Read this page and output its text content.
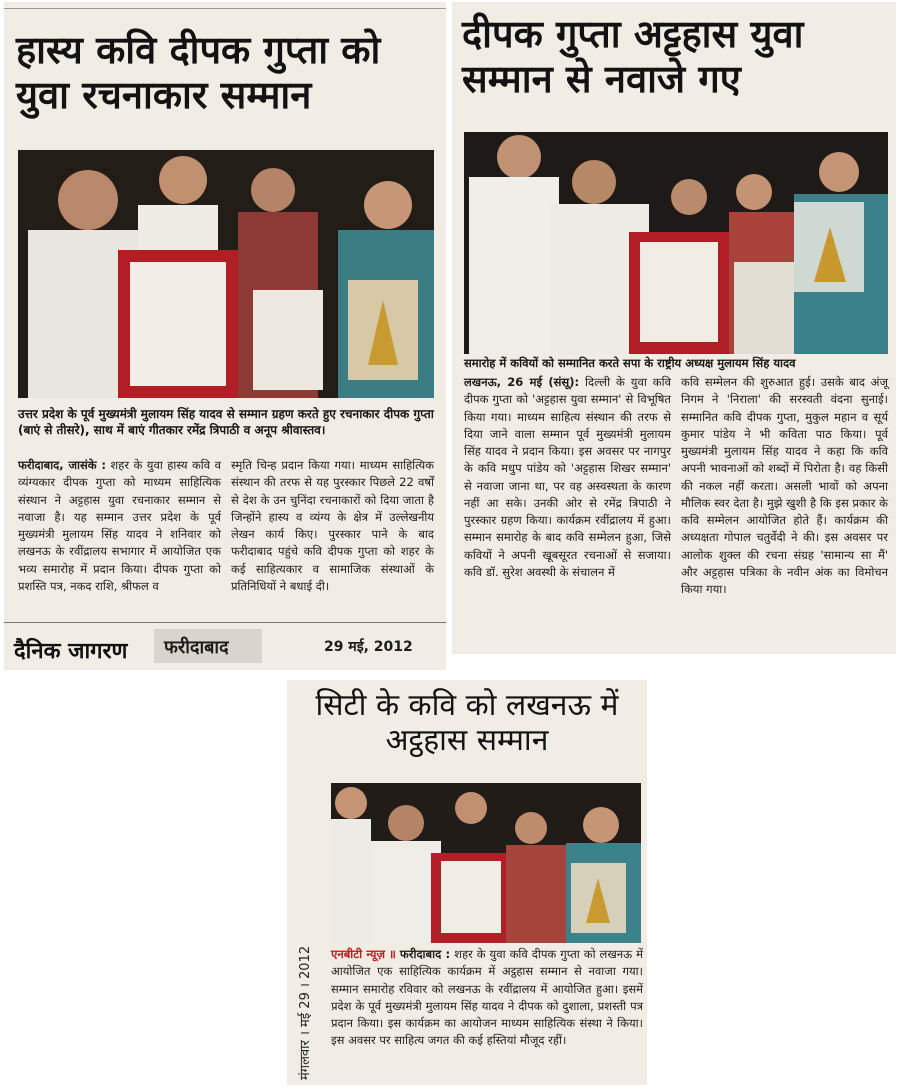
हास्य कवि दीपक गुप्ता को युवा रचनाकार सम्मान
उत्तर प्रदेश के पूर्व मुख्यमंत्री मुलायम सिंह यादव से सम्मान ग्रहण करते हुए रचनाकार दीपक गुप्ता (बाएं से तीसरे), साथ में बाएं गीतकार रमेंद्र त्रिपाठी व अनूप श्रीवास्तव।
फरीदाबाद, जासंके : शहर के युवा हास्य कवि व व्यंग्यकार दीपक गुप्ता को माध्यम साहित्यिक संस्थान ने अट्टहास युवा रचनाकार सम्मान से नवाजा है। यह सम्मान उत्तर प्रदेश के पूर्व मुख्यमंत्री मुलायम सिंह यादव ने शनिवार को लखनऊ के रवींद्रालय सभागार में आयोजित एक भव्य समारोह में प्रदान किया। दीपक गुप्ता को प्रशस्ति पत्र, नकद राशि, श्रीफल व
स्मृति चिन्ह प्रदान किया गया। माध्यम साहित्यिक संस्थान की तरफ से यह पुरस्कार पिछले 22 वर्षों से देश के उन चुनिंदा रचनाकारों को दिया जाता है जिन्होंने हास्य व व्यंग्य के क्षेत्र में उल्लेखनीय लेखन कार्य किए। पुरस्कार पाने के बाद फरीदाबाद पहुंचे कवि दीपक गुप्ता को शहर के कई साहित्यकार व सामाजिक संस्थाओं के प्रतिनिधियों ने बधाई दी।
दैनिक जागरण फरीदाबाद	29 मई, 2012
दीपक गुप्ता अट्टहास युवा सम्मान से नवाजे गए
समारोह में कवियों को सम्मानित करते सपा के राष्ट्रीय अध्यक्ष मुलायम सिंह यादव
लखनऊ, 26 मई (संसू): दिल्ली के युवा कवि दीपक गुप्ता को 'अट्टहास युवा सम्मान' से विभूषित किया गया। माध्यम साहित्य संस्थान की तरफ से दिया जाने वाला सम्मान पूर्व मुख्यमंत्री मुलायम सिंह यादव ने प्रदान किया। इस अवसर पर नागपुर के कवि मधुप पांडेय को 'अट्टहास शिखर सम्मान' से नवाजा जाना था, पर वह अस्वस्थता के कारण नहीं आ सके। उनकी ओर से रमेंद्र त्रिपाठी ने पुरस्कार ग्रहण किया। कार्यक्रम रवींद्रालय में हुआ। सम्मान समारोह के बाद कवि सम्मेलन हुआ, जिसे कवियों ने अपनी खूबसूरत रचनाओं से सजाया। कवि डॉ. सुरेश अवस्थी के संचालन में
कवि सम्मेलन की शुरुआत हुई। उसके बाद अंजू निगम ने 'निराला' की सरस्वती वंदना सुनाई। सम्मानित कवि दीपक गुप्ता, मुकुल महान व सूर्य कुमार पांडेय ने भी कविता पाठ किया। पूर्व मुख्यमंत्री मुलायम सिंह यादव ने कहा कि कवि अपनी भावनाओं को शब्दों में पिरोता है। वह किसी की नकल नहीं करता। असली भावों को अपना मौलिक स्वर देता है। मुझे खुशी है कि इस प्रकार के कवि सम्मेलन आयोजित होते हैं। कार्यक्रम की अध्यक्षता गोपाल चतुर्वेदी ने की। इस अवसर पर आलोक शुक्ल की रचना संग्रह 'सामान्य सा मैं' और अट्टहास पत्रिका के नवीन अंक का विमोचन किया गया।
सिटी के कवि को लखनऊ में अट्ठहास सम्मान
एनबीटी न्यूज़ ॥ फरीदाबाद : शहर के युवा कवि दीपक गुप्ता को लखनऊ में आयोजित एक साहित्यिक कार्यक्रम में अट्ठहास सम्मान से नवाजा गया। सम्मान समारोह रविवार को लखनऊ के रवींद्रालय में आयोजित हुआ। इसमें प्रदेश के पूर्व मुख्यमंत्री मुलायम सिंह यादव ने दीपक को दुशाला, प्रशस्ती पत्र प्रदान किया। इस कार्यक्रम का आयोजन माध्यम साहित्यिक संस्था ने किया। इस अवसर पर साहित्य जगत की कई हस्तियां मौजूद रहीं।
मंगलवार । मई 29 । 2012
